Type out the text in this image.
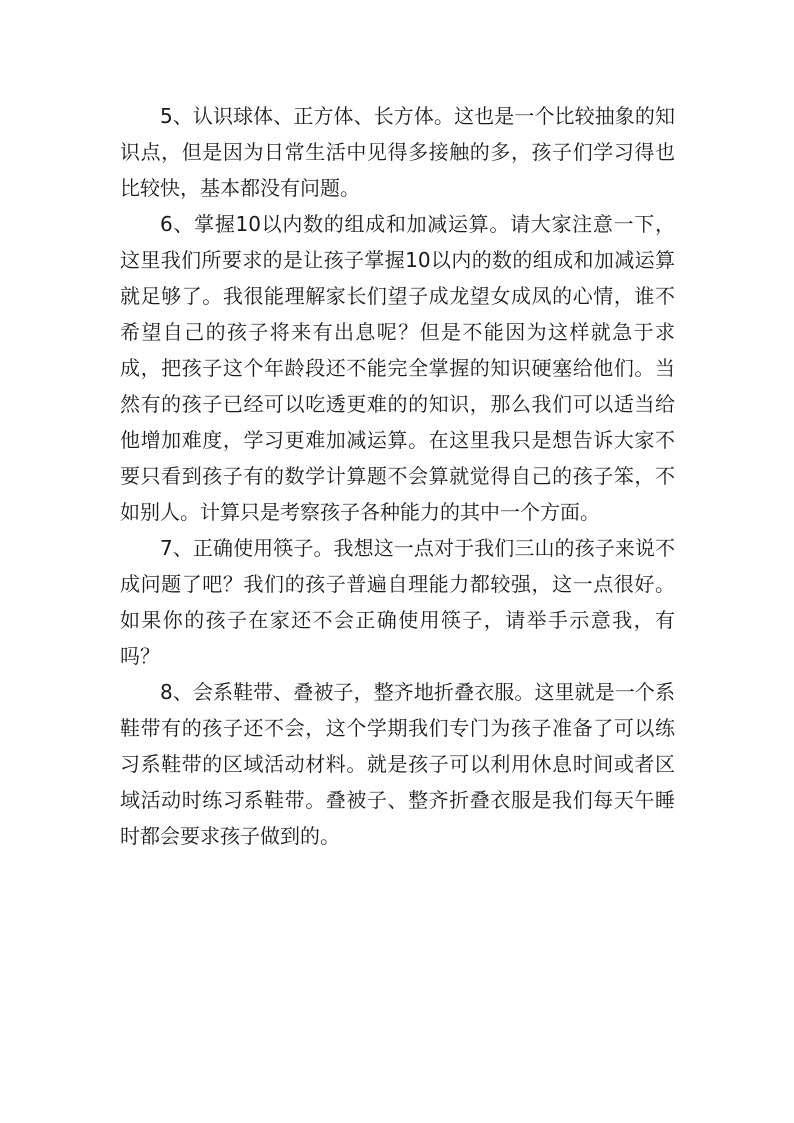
5、认识球体、正方体、长方体。这也是一个比较抽象的知识点，但是因为日常生活中见得多接触的多，孩子们学习得也比较快，基本都没有问题。

6、掌握10以内数的组成和加减运算。请大家注意一下，这里我们所要求的是让孩子掌握10以内的数的组成和加减运算就足够了。我很能理解家长们望子成龙望女成凤的心情，谁不希望自己的孩子将来有出息呢？但是不能因为这样就急于求成，把孩子这个年龄段还不能完全掌握的知识硬塞给他们。当然有的孩子已经可以吃透更难的的知识，那么我们可以适当给他增加难度，学习更难加减运算。在这里我只是想告诉大家不要只看到孩子有的数学计算题不会算就觉得自己的孩子笨，不如别人。计算只是考察孩子各种能力的其中一个方面。

7、正确使用筷子。我想这一点对于我们三山的孩子来说不成问题了吧？我们的孩子普遍自理能力都较强，这一点很好。如果你的孩子在家还不会正确使用筷子，请举手示意我，有吗？

8、会系鞋带、叠被子，整齐地折叠衣服。这里就是一个系鞋带有的孩子还不会，这个学期我们专门为孩子准备了可以练习系鞋带的区域活动材料。就是孩子可以利用休息时间或者区域活动时练习系鞋带。叠被子、整齐折叠衣服是我们每天午睡时都会要求孩子做到的。
